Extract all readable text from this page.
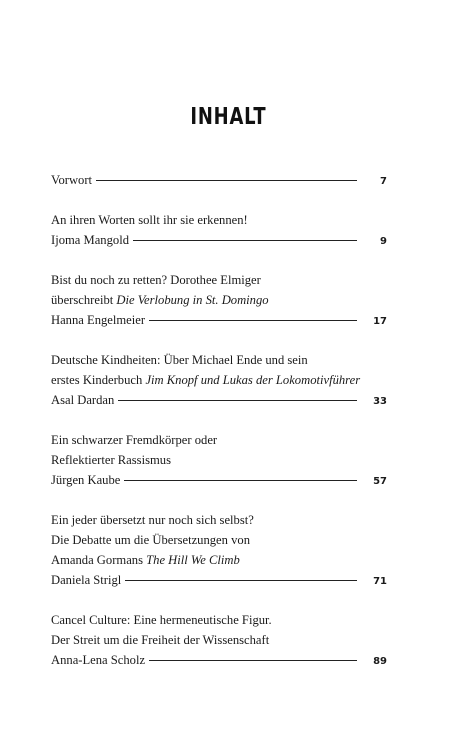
INHALT
Vorwort	7
An ihren Worten sollt ihr sie erkennen!
Ijoma Mangold	9
Bist du noch zu retten? Dorothee Elmiger
überschreibt Die Verlobung in St. Domingo
Hanna Engelmeier	17
Deutsche Kindheiten: Über Michael Ende und sein
erstes Kinderbuch Jim Knopf und Lukas der Lokomotivführer
Asal Dardan	33
Ein schwarzer Fremdkörper oder
Reflektierter Rassismus
Jürgen Kaube	57
Ein jeder übersetzt nur noch sich selbst?
Die Debatte um die Übersetzungen von
Amanda Gormans The Hill We Climb
Daniela Strigl	71
Cancel Culture: Eine hermeneutische Figur.
Der Streit um die Freiheit der Wissenschaft
Anna-Lena Scholz	89
